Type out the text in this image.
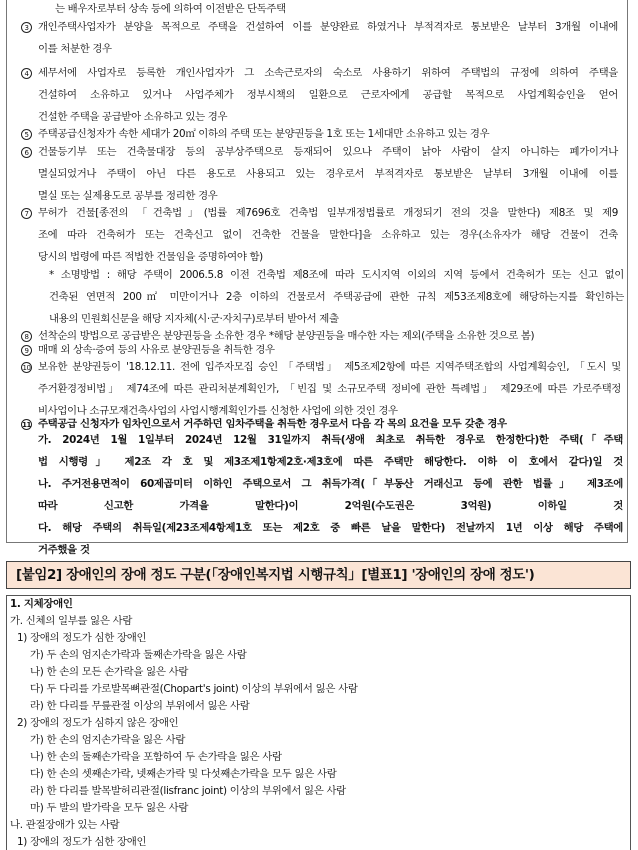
는 배우자로부터 상속 등에 의하여 이전받은 단독주택
3 개인주택사업자가 분양을 목적으로 주택을 건설하여 이를 분양완료 하였거나 부적격자로 통보받은 날부터 3개월 이내에
이를 처분한 경우
4 세무서에 사업자로 등록한 개인사업자가 그 소속근로자의 숙소로 사용하기 위하여 주택법의 규정에 의하여 주택을
건설하여 소유하고 있거나 사업주체가 정부시책의 일환으로 근로자에게 공급할 목적으로 사업계획승인을 얻어
건설한 주택을 공급받아 소유하고 있는 경우
5 주택공급신청자가 속한 세대가 20㎡ 이하의 주택 또는 분양권등을 1호 또는 1세대만 소유하고 있는 경우
6 건물등기부 또는 건축물대장 등의 공부상주택으로 등재되어 있으나 주택이 낡아 사람이 살지 아니하는 폐가이거나
멸실되었거나 주택이 아닌 다른 용도로 사용되고 있는 경우로서 부적격자로 통보받은 날부터 3개월 이내에 이를
멸실 또는 실제용도로 공부를 정리한 경우
7 무허가 건물[종전의 「건축법」(법률 제7696호 건축법 일부개정법률로 개정되기 전의 것을 말한다) 제8조 및 제9
조에 따라 건축허가 또는 건축신고 없이 건축한 건물을 말한다]을 소유하고 있는 경우(소유자가 해당 건물이 건축
당시의 법령에 따른 적법한 건물임을 증명하여야 함)
* 소명방법 : 해당 주택이 2006.5.8 이전 건축법 제8조에 따라 도시지역 이외의 지역 등에서 건축허가 또는 신고 없이
건축된 연면적 200㎡ 미만이거나 2층 이하의 건물로서 주택공급에 관한 규칙 제53조제8호에 해당하는지를 확인하는
내용의 민원회신문을 해당 지자체(시·군·자치구)로부터 받아서 제출
8 선착순의 방법으로 공급받은 분양권등을 소유한 경우 *해당 분양권등을 매수한 자는 제외(주택을 소유한 것으로 봄)
9 매매 외 상속·증여 등의 사유로 분양권등을 취득한 경우
10 보유한 분양권등이 '18.12.11. 전에 입주자모집 승인 「주택법」 제5조제2항에 따른 지역주택조합의 사업계획승인, 「도시 및
주거환경정비법」 제74조에 따른 관리처분계획인가, 「빈집 및 소규모주택 정비에 관한 특례법」 제29조에 따른 가로주택정
비사업이나 소규모재건축사업의 사업시행계획인가를 신청한 사업에 의한 것인 경우
11 주택공급 신청자가 임차인으로서 거주하던 임차주택을 취득한 경우로서 다음 각 목의 요건을 모두 갖춘 경우
가. 2024년 1월 1일부터 2024년 12월 31일까지 취득(생애 최초로 취득한 경우로 한정한다)한 주택(「주택
법 시행령」 제2조 각 호 및 제3조제1항제2호·제3호에 따른 주택만 해당한다. 이하 이 호에서 같다)일 것
나. 주거전용면적이 60제곱미터 이하인 주택으로서 그 취득가격(「부동산 거래신고 등에 관한 법률」 제3조에
따라 신고한 가격을 말한다)이 2억원(수도권은 3억원) 이하일 것
다. 해당 주택의 취득일(제23조제4항제1호 또는 제2호 중 빠른 날을 말한다) 전날까지 1년 이상 해당 주택에
거주했을 것
[붙임2] 장애인의 장애 정도 구분(「장애인복지법 시행규칙」[별표1] '장애인의 장애 정도')
1. 지체장애인
가. 신체의 일부를 잃은 사람
1) 장애의 정도가 심한 장애인
가) 두 손의 엄지손가락과 둘째손가락을 잃은 사람
나) 한 손의 모든 손가락을 잃은 사람
다) 두 다리를 가로발목뼈관절(Chopart's joint) 이상의 부위에서 잃은 사람
라) 한 다리를 무릎관절 이상의 부위에서 잃은 사람
2) 장애의 정도가 심하지 않은 장애인
가) 한 손의 엄지손가락을 잃은 사람
나) 한 손의 둘째손가락을 포함하여 두 손가락을 잃은 사람
다) 한 손의 셋째손가락, 넷째손가락 및 다섯째손가락을 모두 잃은 사람
라) 한 다리를 발목발허리관절(lisfranc joint) 이상의 부위에서 잃은 사람
마) 두 발의 발가락을 모두 잃은 사람
나. 관절장애가 있는 사람
1) 장애의 정도가 심한 장애인
